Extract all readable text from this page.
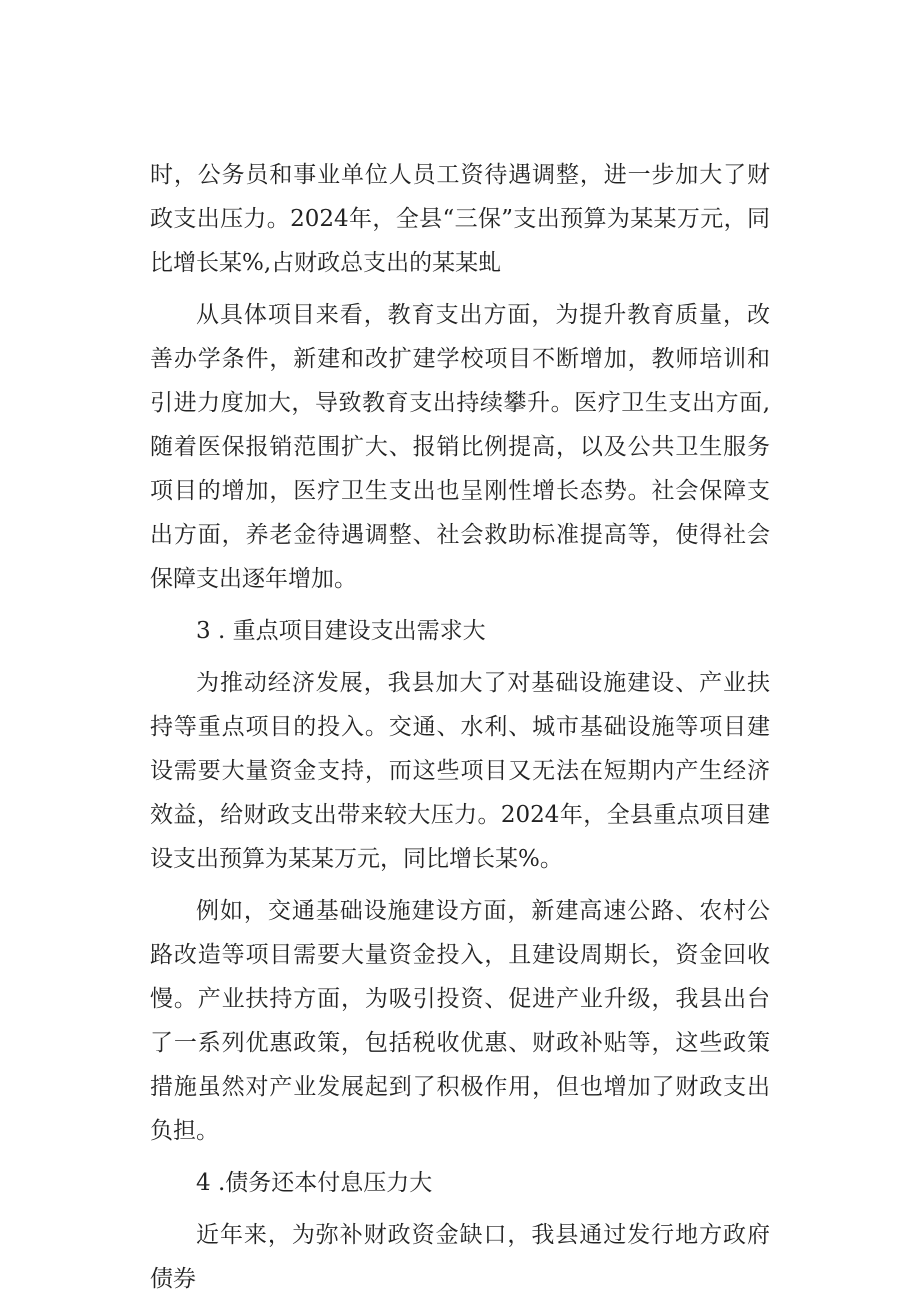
时，公务员和事业单位人员工资待遇调整，进一步加大了财政支出压力。2024年，全县“三保”支出预算为某某万元，同比增长某%,占财政总支出的某某虬

从具体项目来看，教育支出方面，为提升教育质量，改善办学条件，新建和改扩建学校项目不断增加，教师培训和引进力度加大，导致教育支出持续攀升。医疗卫生支出方面,随着医保报销范围扩大、报销比例提高，以及公共卫生服务项目的增加，医疗卫生支出也呈刚性增长态势。社会保障支出方面，养老金待遇调整、社会救助标准提高等，使得社会保障支出逐年增加。

3 . 重点项目建设支出需求大

为推动经济发展，我县加大了对基础设施建设、产业扶持等重点项目的投入。交通、水利、城市基础设施等项目建设需要大量资金支持，而这些项目又无法在短期内产生经济效益，给财政支出带来较大压力。2024年，全县重点项目建设支出预算为某某万元，同比增长某%。

例如，交通基础设施建设方面，新建高速公路、农村公路改造等项目需要大量资金投入，且建设周期长，资金回收慢。产业扶持方面，为吸引投资、促进产业升级，我县出台了一系列优惠政策，包括税收优惠、财政补贴等，这些政策措施虽然对产业发展起到了积极作用，但也增加了财政支出负担。

4 .债务还本付息压力大

近年来，为弥补财政资金缺口，我县通过发行地方政府债券
